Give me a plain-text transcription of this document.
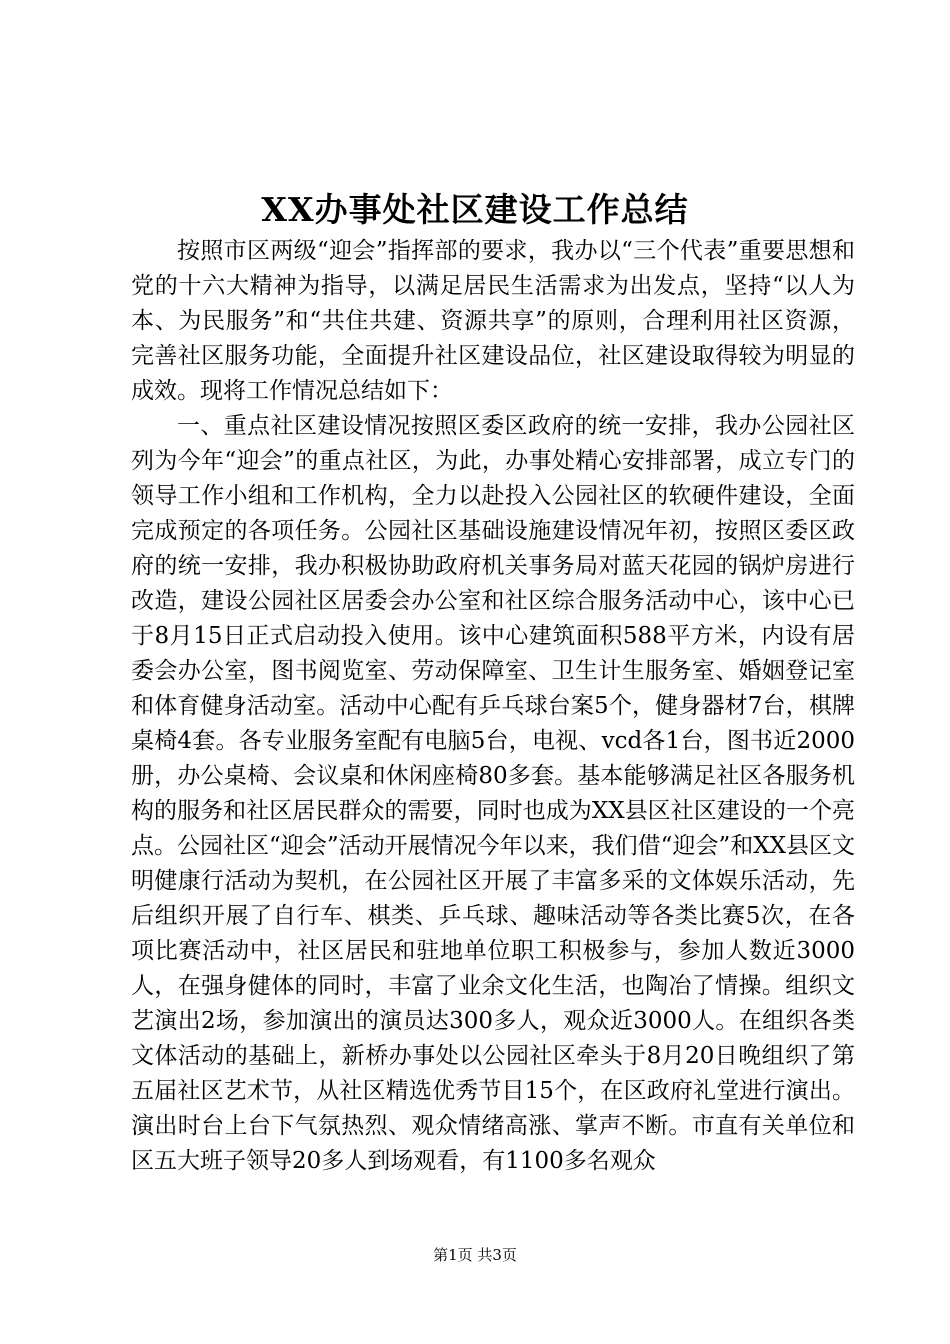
XX办事处社区建设工作总结

按照市区两级“迎会”指挥部的要求，我办以“三个代表”重要思想和党的十六大精神为指导，以满足居民生活需求为出发点，坚持“以人为本、为民服务”和“共住共建、资源共享”的原则，合理利用社区资源，完善社区服务功能，全面提升社区建设品位，社区建设取得较为明显的成效。现将工作情况总结如下：

一、重点社区建设情况按照区委区政府的统一安排，我办公园社区列为今年“迎会”的重点社区，为此，办事处精心安排部署，成立专门的领导工作小组和工作机构，全力以赴投入公园社区的软硬件建设，全面完成预定的各项任务。公园社区基础设施建设情况年初，按照区委区政府的统一安排，我办积极协助政府机关事务局对蓝天花园的锅炉房进行改造，建设公园社区居委会办公室和社区综合服务活动中心，该中心已于8月15日正式启动投入使用。该中心建筑面积588平方米，内设有居委会办公室，图书阅览室、劳动保障室、卫生计生服务室、婚姻登记室和体育健身活动室。活动中心配有乒乓球台案5个，健身器材7台，棋牌桌椅4套。各专业服务室配有电脑5台，电视、vcd各1台，图书近2000册，办公桌椅、会议桌和休闲座椅80多套。基本能够满足社区各服务机构的服务和社区居民群众的需要，同时也成为XX县区社区建设的一个亮点。公园社区“迎会”活动开展情况今年以来，我们借“迎会”和XX县区文明健康行活动为契机，在公园社区开展了丰富多采的文体娱乐活动，先后组织开展了自行车、棋类、乒乓球、趣味活动等各类比赛5次，在各项比赛活动中，社区居民和驻地单位职工积极参与，参加人数近3000人，在强身健体的同时，丰富了业余文化生活，也陶冶了情操。组织文艺演出2场，参加演出的演员达300多人，观众近3000人。在组织各类文体活动的基础上，新桥办事处以公园社区牵头于8月20日晚组织了第五届社区艺术节，从社区精选优秀节目15个，在区政府礼堂进行演出。演出时台上台下气氛热烈、观众情绪高涨、掌声不断。市直有关单位和区五大班子领导20多人到场观看，有1100多名观众

第1页 共3页
